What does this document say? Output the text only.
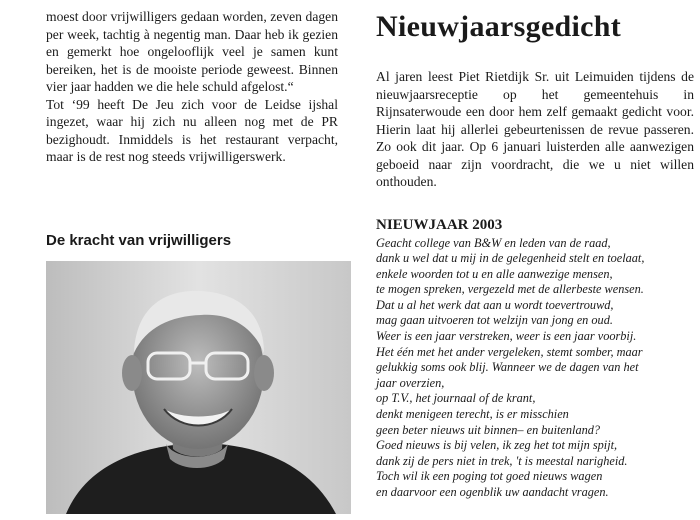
moest door vrijwilligers gedaan worden, zeven dagen per week, tachtig à negentig man. Daar heb ik gezien en gemerkt hoe ongelooflijk veel je samen kunt bereiken, het is de mooiste periode geweest. Binnen vier jaar hadden we die hele schuld afgelost.“

Tot ‘99 heeft De Jeu zich voor de Leidse ijshal ingezet, waar hij zich nu alleen nog met de PR bezighoudt. Inmiddels is het restaurant verpacht, maar is de rest nog steeds vrijwilligerswerk.

De kracht van vrijwilligers
Nieuwjaarsgedicht

Al jaren leest Piet Rietdijk Sr. uit Leimuiden tijdens de nieuwjaarsreceptie op het gemeentehuis in Rijnsaterwoude een door hem zelf gemaakt gedicht voor. Hierin laat hij allerlei gebeurtenissen de revue passeren. Zo ook dit jaar. Op 6 januari luisterden alle aanwezigen geboeid naar zijn voordracht, die we u niet willen onthouden.

NIEUWJAAR 2003
Geacht college van B&W en leden van de raad,
dank u wel dat u mij in de gelegenheid stelt en toelaat,
enkele woorden tot u en alle aanwezige mensen,
te mogen spreken, vergezeld met de allerbeste wensen.
Dat u al het werk dat aan u wordt toevertrouwd,
mag gaan uitvoeren tot welzijn van jong en oud.
Weer is een jaar verstreken, weer is een jaar voorbij.
Het één met het ander vergeleken, stemt somber, maar
gelukkig soms ook blij. Wanneer we de dagen van het
jaar overzien,
op T.V., het journaal of de krant,
denkt menigeen terecht, is er misschien
geen beter nieuws uit binnen– en buitenland?
Goed nieuws is bij velen, ik zeg het tot mijn spijt,
dank zij de pers niet in trek, 't is meestal narigheid.
Toch wil ik een poging tot goed nieuws wagen
en daarvoor een ogenblik uw aandacht vragen.
